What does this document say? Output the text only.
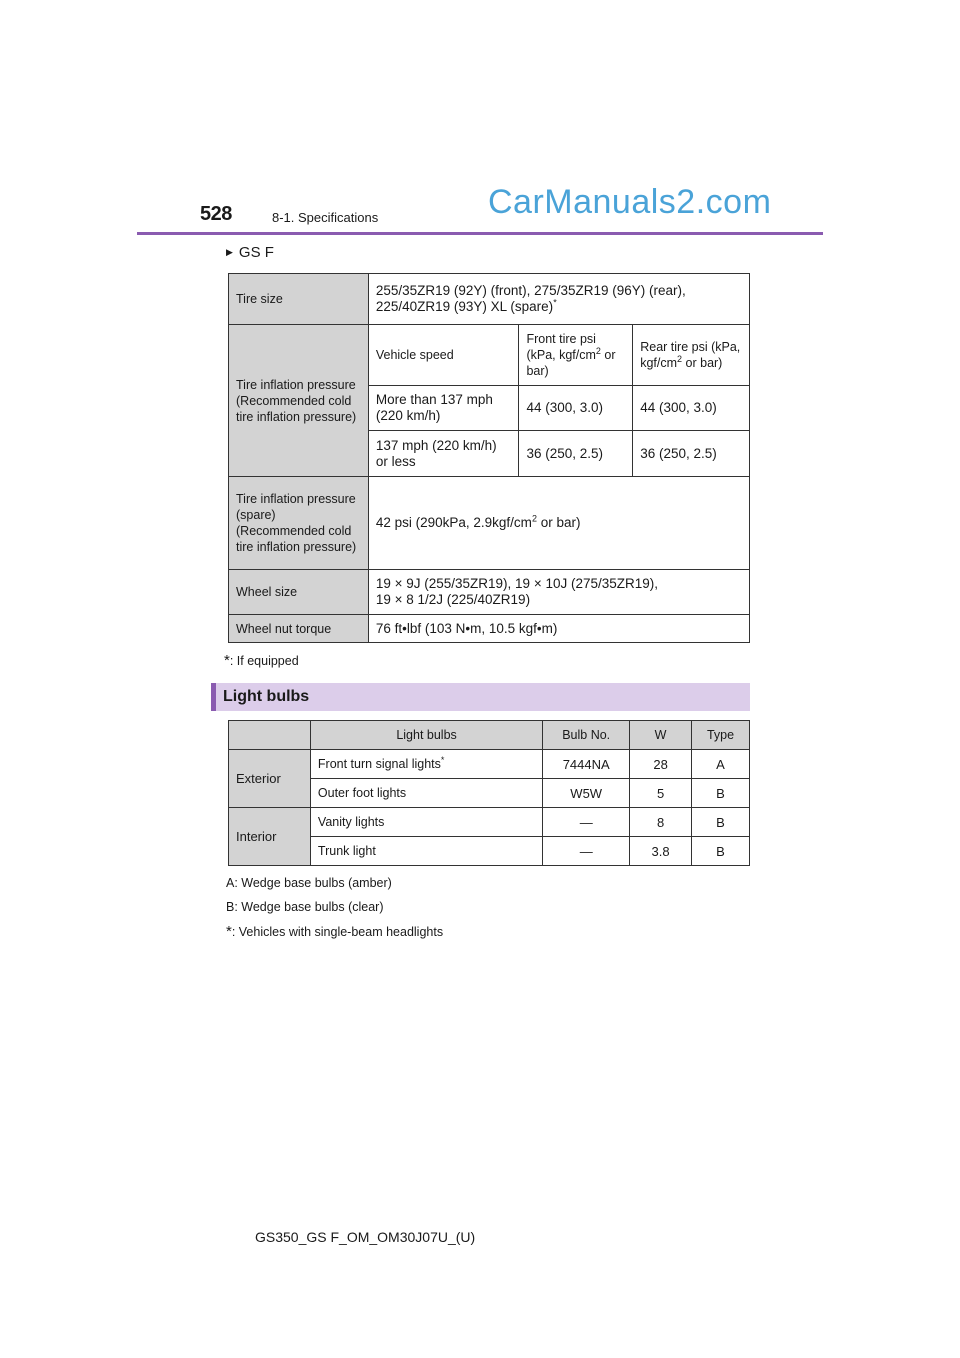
528	8-1. Specifications	CarManuals2.com
▶ GS F
Tire size	255/35ZR19 (92Y) (front), 275/35ZR19 (96Y) (rear), 225/40ZR19 (93Y) XL (spare)*
Tire inflation pressure (Recommended cold tire inflation pressure)	Vehicle speed	Front tire psi (kPa, kgf/$cm^2$ or bar)	Rear tire psi (kPa, kgf/$cm^2$ or bar)
	More than 137 mph (220 km/h)	44 (300, 3.0)	44 (300, 3.0)
	137 mph (220 km/h) or less	36 (250, 2.5)	36 (250, 2.5)
Tire inflation pressure (spare) (Recommended cold tire inflation pressure)	42 psi (290kPa, $2.9kgf/cm^2$ or bar)		
Wheel size	19 × 9J (255/35ZR19), 19 × 10J (275/35ZR19),
19 × 8 1/2J (225/40ZR19)		

Wheel nut torque	76 ft•lbf (103 N•m, 10.5 kgf•m)		
*: If equipped
Light bulbs
	Light bulbs	Bulb No.	W	Type
Exterior	Front turn signal lights*	7444NA	28	A
	Outer foot lights	W5W	5	B
Interior	Vanity lights	—	8	B
	Trunk light	—	3.8	B
A: Wedge base bulbs (amber)
B: Wedge base bulbs (clear)
*: Vehicles with single-beam headlights
GS350_GS F_OM_OM30J07U_(U)
